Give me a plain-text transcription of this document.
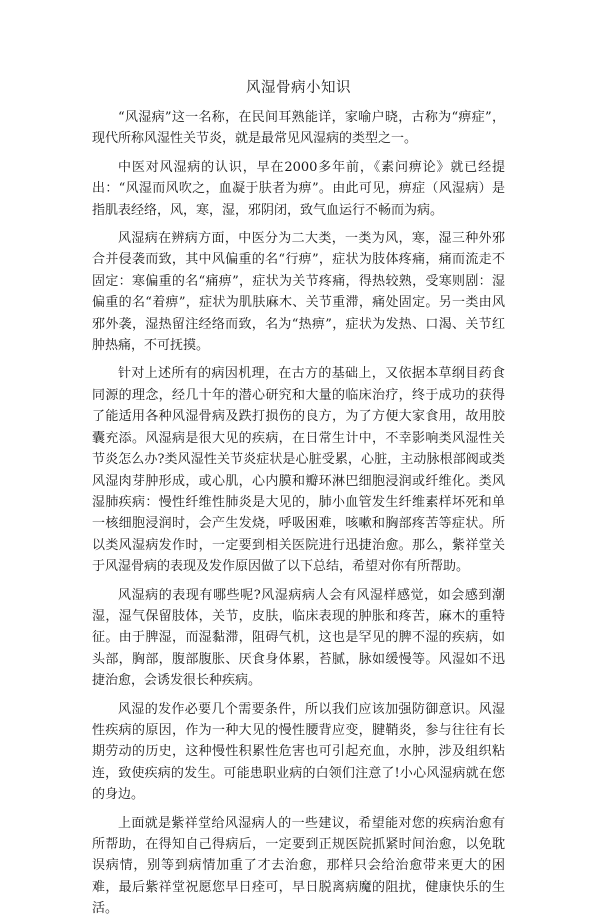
风湿骨病小知识

“风湿病”这一名称，在民间耳熟能详，家喻户晓，古称为“痹症”，现代所称风湿性关节炎，就是最常见风湿病的类型之一。

中医对风湿病的认识，早在2000多年前，《素问痹论》就已经提出：“风湿而风吹之，血凝于肤者为痹”。由此可见，痹症（风湿病）是指肌表经络，风，寒，湿，邪阴闭，致气血运行不畅而为病。

风湿病在辨病方面，中医分为二大类，一类为风，寒，湿三种外邪合并侵袭而致，其中风偏重的名“行痹”，症状为肢体疼痛，痛而流走不固定：寒偏重的名“痛痹”，症状为关节疼痛，得热较熟，受寒则剧：湿偏重的名“着痹”，症状为肌肤麻木、关节重滞，痛处固定。另一类由风邪外袭，湿热留注经络而致，名为“热痹”，症状为发热、口渴、关节红肿热痛，不可抚摸。

针对上述所有的病因机理，在古方的基础上，又依据本草纲目药食同源的理念，经几十年的潜心研究和大量的临床治疗，终于成功的获得了能适用各种风湿骨病及跌打损伤的良方，为了方便大家食用，故用胶囊充添。风湿病是很大见的疾病，在日常生计中，不幸影响类风湿性关节炎怎么办?类风湿性关节炎症状是心脏受累，心脏，主动脉根部阀或类风湿肉芽肿形成，或心肌，心内膜和瓣环淋巴细胞浸润或纤维化。类风湿肺疾病：慢性纤维性肺炎是大见的，肺小血管发生纤维素样坏死和单一核细胞浸润时，会产生发烧，呼吸困难，咳嗽和胸部疼苦等症状。所以类风湿病发作时，一定要到相关医院进行迅捷治愈。那么，紫祥堂关于风湿骨病的表现及发作原因做了以下总结，希望对你有所帮助。

风湿病的表现有哪些呢?风湿病病人会有风湿样感觉，如会感到潮湿，湿气保留肢体，关节，皮肤，临床表现的肿胀和疼苦，麻木的重特征。由于脾湿，而湿黏滞，阻碍气机，这也是罕见的脾不湿的疾病，如头部，胸部，腹部腹胀、厌食身体累，苔腻，脉如缓慢等。风湿如不迅捷治愈，会诱发很长种疾病。

风湿的发作必要几个需要条件，所以我们应该加强防御意识。风湿性疾病的原因，作为一种大见的慢性腰背应变，腱鞘炎，参与往往有长期劳动的历史，这种慢性积累性危害也可引起充血，水肿，涉及组织粘连，致使疾病的发生。可能患职业病的白领们注意了!小心风湿病就在您的身边。

上面就是紫祥堂给风湿病人的一些建议，希望能对您的疾病治愈有所帮助，在得知自己得病后，一定要到正规医院抓紧时间治愈，以免耽误病情，别等到病情加重了才去治愈，那样只会给治愈带来更大的困难，最后紫祥堂祝愿您早日痊可，早日脱离病魔的阻扰，健康快乐的生活。
